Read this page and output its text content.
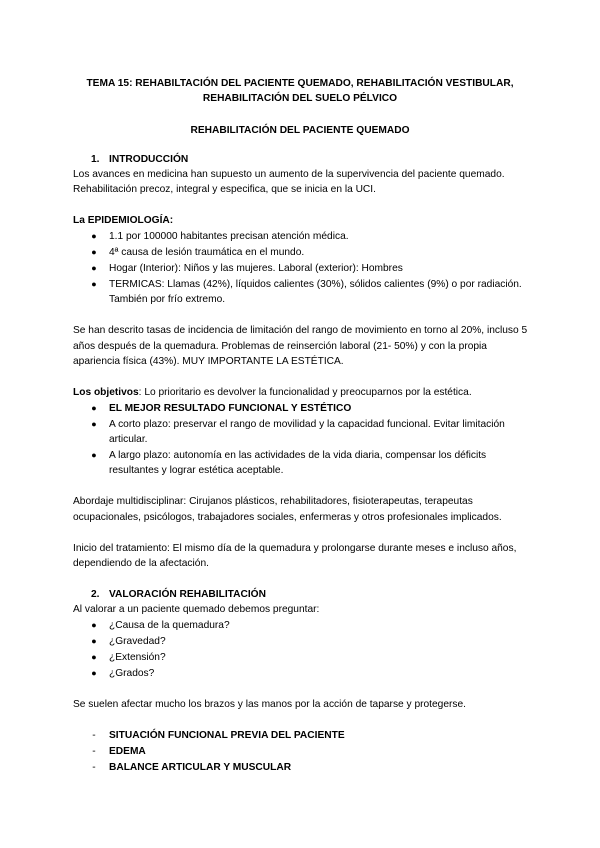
TEMA 15: REHABILTACIÓN DEL PACIENTE QUEMADO, REHABILITACIÓN VESTIBULAR,
REHABILITACIÓN DEL SUELO PÉLVICO
REHABILITACIÓN DEL PACIENTE QUEMADO
1. INTRODUCCIÓN
Los avances en medicina han supuesto un aumento de la supervivencia del paciente quemado.
Rehabilitación precoz, integral y especifica, que se inicia en la UCI.
La EPIDEMIOLOGÍA:
● 1.1 por 100000 habitantes precisan atención médica.
● 4ª causa de lesión traumática en el mundo.
● Hogar (Interior): Niños y las mujeres. Laboral (exterior): Hombres
● TERMICAS: Llamas (42%), líquidos calientes (30%), sólidos calientes (9%) o por radiación.
También por frío extremo.
Se han descrito tasas de incidencia de limitación del rango de movimiento en torno al 20%, incluso 5
años después de la quemadura. Problemas de reinserción laboral (21- 50%) y con la propia
apariencia física (43%). MUY IMPORTANTE LA ESTÉTICA.
Los objetivos: Lo prioritario es devolver la funcionalidad y preocuparnos por la estética.
● EL MEJOR RESULTADO FUNCIONAL Y ESTÉTICO
● A corto plazo: preservar el rango de movilidad y la capacidad funcional. Evitar limitación
articular.
● A largo plazo: autonomía en las actividades de la vida diaria, compensar los déficits
resultantes y lograr estética aceptable.
Abordaje multidisciplinar: Cirujanos plásticos, rehabilitadores, fisioterapeutas, terapeutas
ocupacionales, psicólogos, trabajadores sociales, enfermeras y otros profesionales implicados.
Inicio del tratamiento: El mismo día de la quemadura y prolongarse durante meses e incluso años,
dependiendo de la afectación.
2. VALORACIÓN REHABILITACIÓN
Al valorar a un paciente quemado debemos preguntar:
● ¿Causa de la quemadura?
● ¿Gravedad?
● ¿Extensión?
● ¿Grados?
Se suelen afectar mucho los brazos y las manos por la acción de taparse y protegerse.
- SITUACIÓN FUNCIONAL PREVIA DEL PACIENTE
- EDEMA
- BALANCE ARTICULAR Y MUSCULAR
